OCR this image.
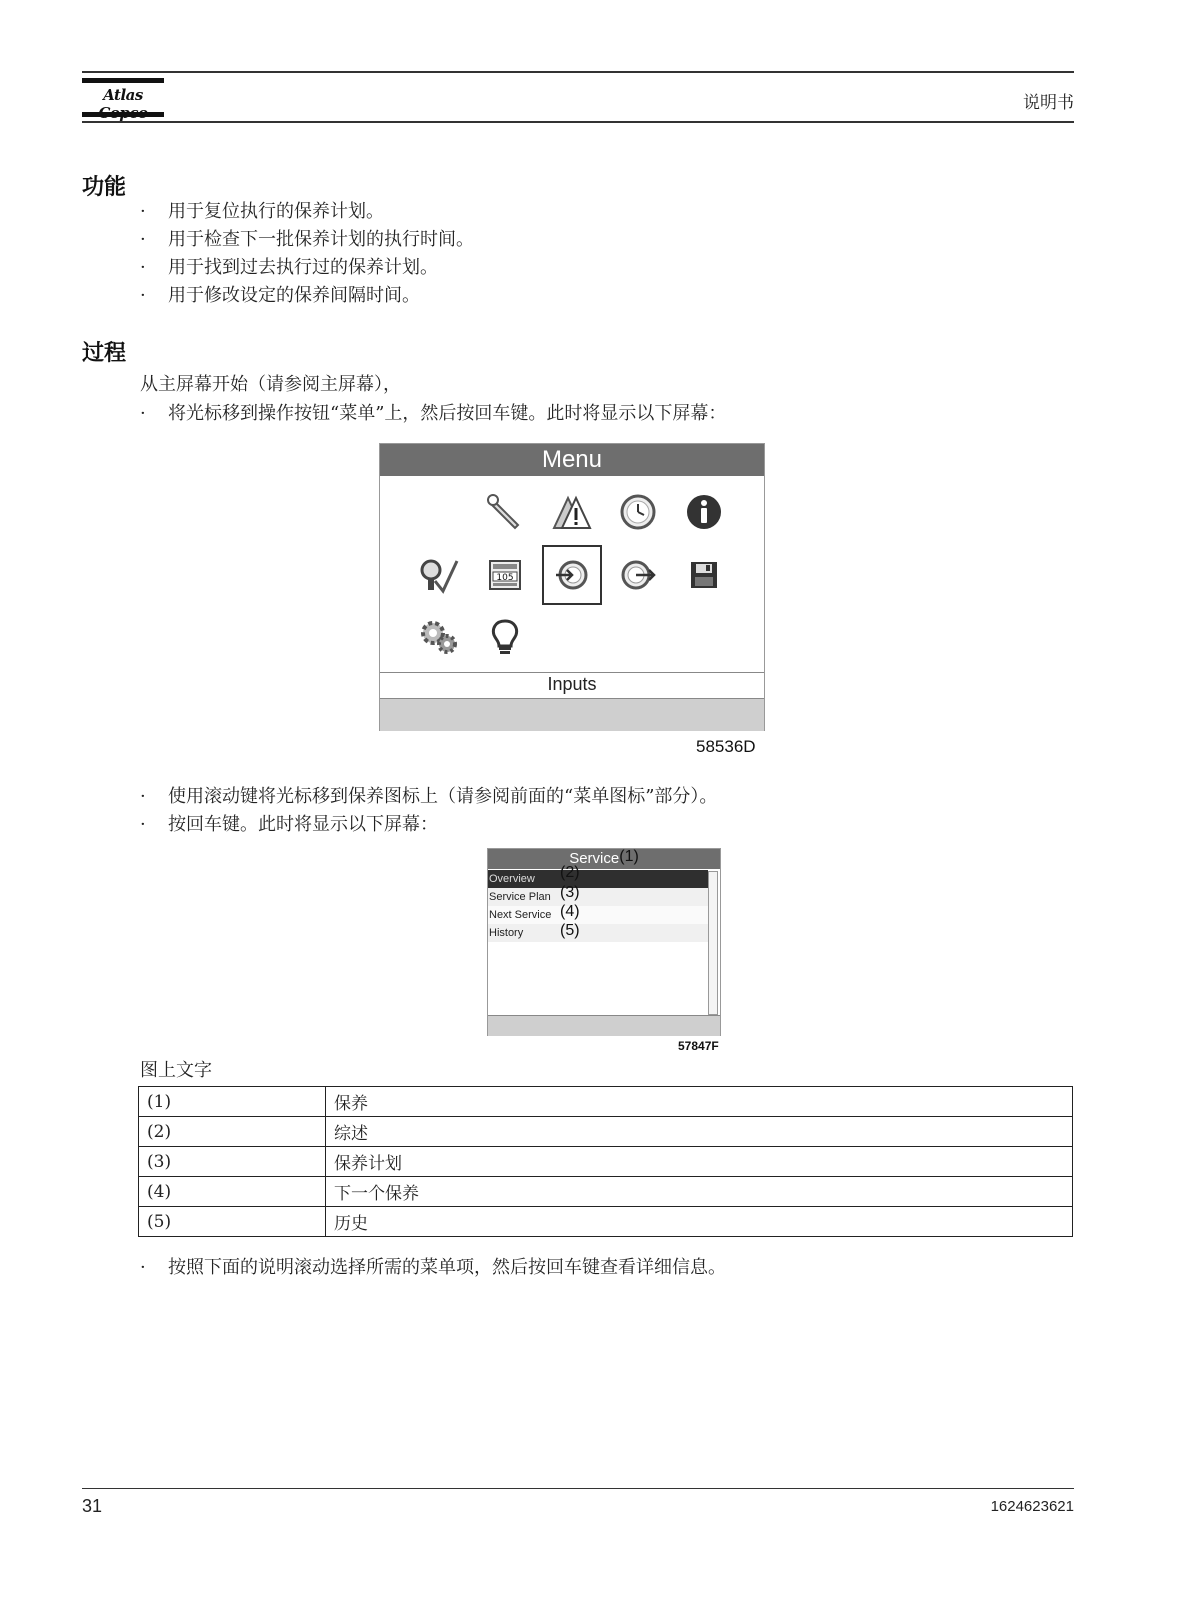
Atlas	说明书
功能
· 用于复位执行的保养计划。
· 用于检查下一批保养计划的执行时间。
· 用于找到过去执行过的保养计划。
· 用于修改设定的保养间隔时间。
过程
从主屏幕开始（请参阅主屏幕），
· 将光标移到操作按钮“菜单”上，然后按回车键。此时将显示以下屏幕：
Menu
105
Inputs
58536D
· 使用滚动键将光标移到保养图标上（请参阅前面的“菜单图标”部分）。
· 按回车键。此时将显示以下屏幕：
Service(1)
Overview
Service Plan
Next Service
History
(2)
(3)
(4)
(5)
57847F
图上文字
(1)	保养
(2)	综述
(3)	保养计划
(4)	下一个保养
(5)	历史
· 按照下面的说明滚动选择所需的菜单项，然后按回车键查看详细信息。
31	1624623621
